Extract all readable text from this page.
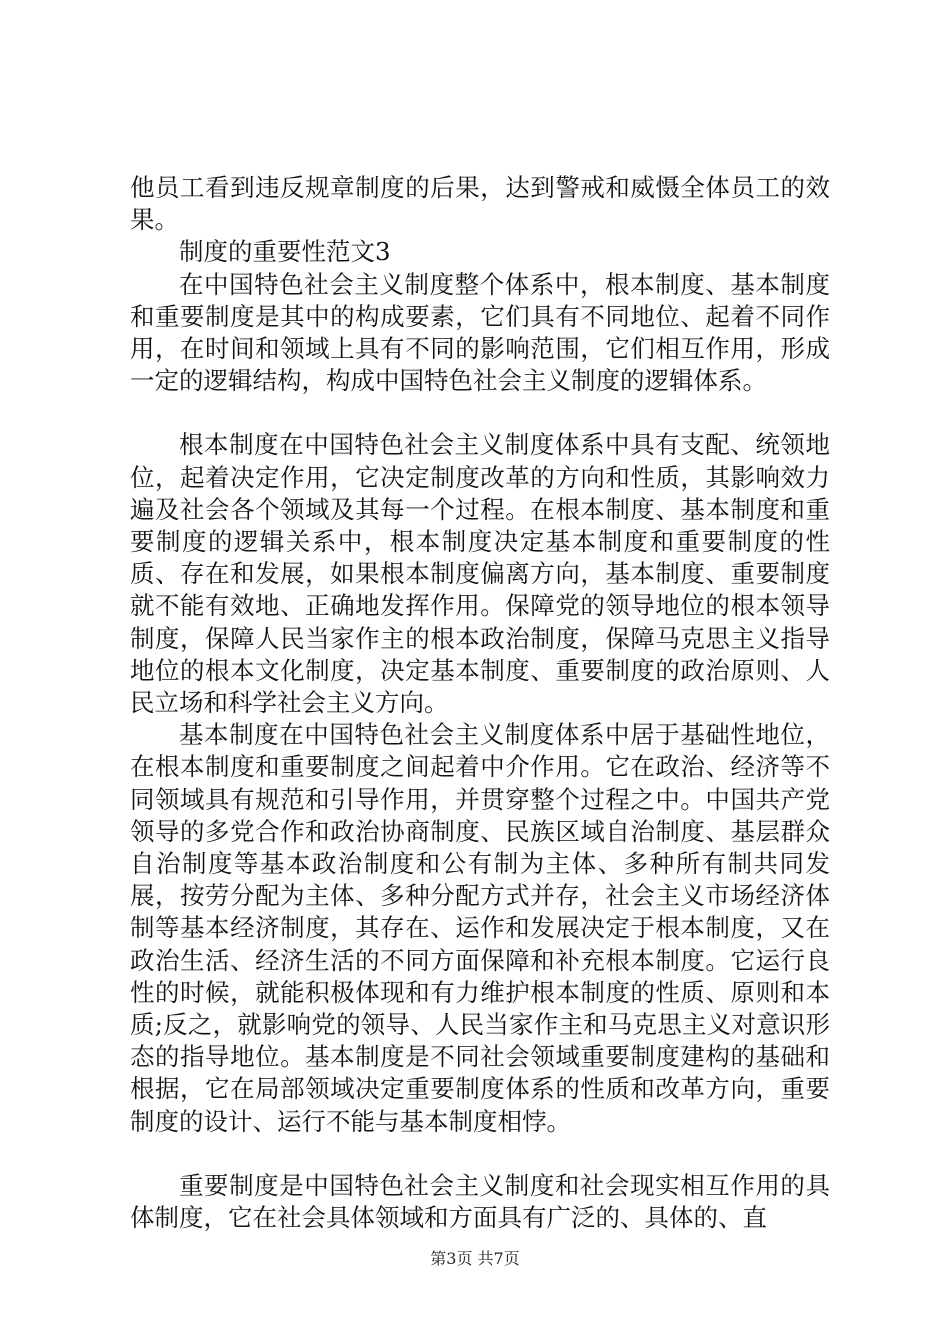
他员工看到违反规章制度的后果，达到警戒和威慑全体员工的效果。

制度的重要性范文3

在中国特色社会主义制度整个体系中，根本制度、基本制度和重要制度是其中的构成要素，它们具有不同地位、起着不同作用，在时间和领域上具有不同的影响范围，它们相互作用，形成一定的逻辑结构，构成中国特色社会主义制度的逻辑体系。

根本制度在中国特色社会主义制度体系中具有支配、统领地位，起着决定作用，它决定制度改革的方向和性质，其影响效力遍及社会各个领域及其每一个过程。在根本制度、基本制度和重要制度的逻辑关系中，根本制度决定基本制度和重要制度的性质、存在和发展，如果根本制度偏离方向，基本制度、重要制度就不能有效地、正确地发挥作用。保障党的领导地位的根本领导制度，保障人民当家作主的根本政治制度，保障马克思主义指导地位的根本文化制度，决定基本制度、重要制度的政治原则、人民立场和科学社会主义方向。

基本制度在中国特色社会主义制度体系中居于基础性地位，在根本制度和重要制度之间起着中介作用。它在政治、经济等不同领域具有规范和引导作用，并贯穿整个过程之中。中国共产党领导的多党合作和政治协商制度、民族区域自治制度、基层群众自治制度等基本政治制度和公有制为主体、多种所有制共同发展，按劳分配为主体、多种分配方式并存，社会主义市场经济体制等基本经济制度，其存在、运作和发展决定于根本制度，又在政治生活、经济生活的不同方面保障和补充根本制度。它运行良性的时候，就能积极体现和有力维护根本制度的性质、原则和本质;反之，就影响党的领导、人民当家作主和马克思主义对意识形态的指导地位。基本制度是不同社会领域重要制度建构的基础和根据，它在局部领域决定重要制度体系的性质和改革方向，重要制度的设计、运行不能与基本制度相悖。

重要制度是中国特色社会主义制度和社会现实相互作用的具体制度，它在社会具体领域和方面具有广泛的、具体的、直

第3页 共7页
